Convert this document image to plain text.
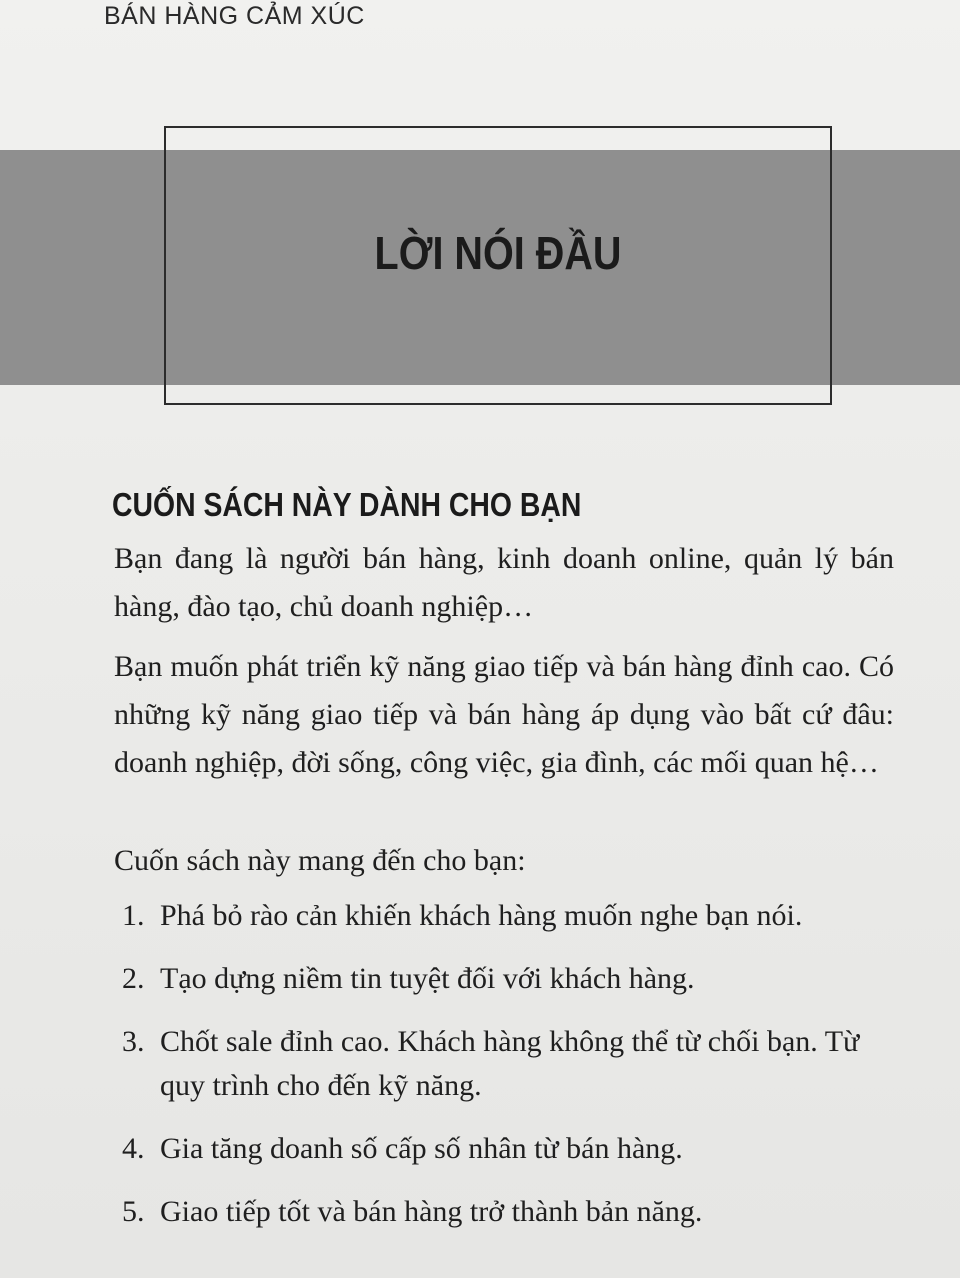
BÁN HÀNG CẢM XÚC
LỜI NÓI ĐẦU
CUỐN SÁCH NÀY DÀNH CHO BẠN
Bạn đang là người bán hàng, kinh doanh online, quản lý bán hàng, đào tạo, chủ doanh nghiệp…
Bạn muốn phát triển kỹ năng giao tiếp và bán hàng đỉnh cao. Có những kỹ năng giao tiếp và bán hàng áp dụng vào bất cứ đâu: doanh nghiệp, đời sống, công việc, gia đình, các mối quan hệ…
Cuốn sách này mang đến cho bạn:
1. Phá bỏ rào cản khiến khách hàng muốn nghe bạn nói.
2. Tạo dựng niềm tin tuyệt đối với khách hàng.
3. Chốt sale đỉnh cao. Khách hàng không thể từ chối bạn. Từ quy trình cho đến kỹ năng.
4. Gia tăng doanh số cấp số nhân từ bán hàng.
5. Giao tiếp tốt và bán hàng trở thành bản năng.
